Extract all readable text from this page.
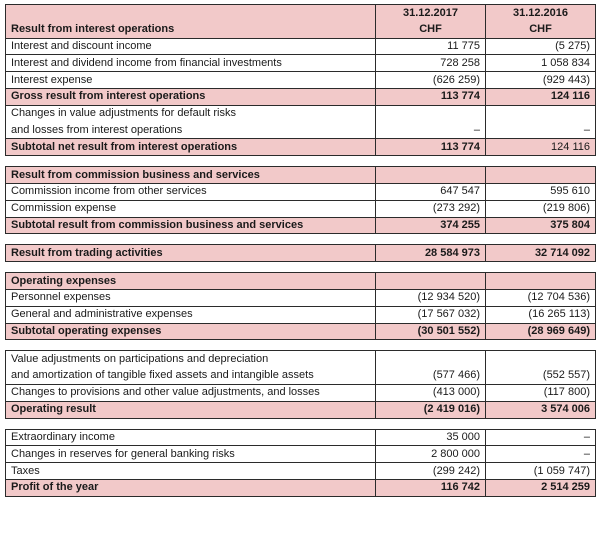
	31.12.2017	31.12.2016
Result from interest operations	CHF	CHF
Interest and discount income	11 775	(5 275)
Interest and dividend income from financial investments	728 258	1 058 834
Interest expense	(626 259)	(929 443)
Gross result from interest operations	113 774	124 116
Changes in value adjustments for default risks		
and losses from interest operations	–	–
Subtotal net result from interest operations	113 774	124 116
Result from commission business and services		
Commission income from other services	647 547	595 610
Commission expense	(273 292)	(219 806)
Subtotal result from commission business and services	374 255	375 804
Result from trading activities	28 584 973	32 714 092
Operating expenses		
Personnel expenses	(12 934 520)	(12 704 536)
General and administrative expenses	(17 567 032)	(16 265 113)
Subtotal operating expenses	(30 501 552)	(28 969 649)
Value adjustments on participations and depreciation		
and amortization of tangible fixed assets and intangible assets	(577 466)	(552 557)
Changes to provisions and other value adjustments, and losses	(413 000)	(117 800)
Operating result	(2 419 016)	3 574 006
Extraordinary income	35 000	–
Changes in reserves for general banking risks	2 800 000	–
Taxes	(299 242)	(1 059 747)
Profit of the year	116 742	2 514 259
